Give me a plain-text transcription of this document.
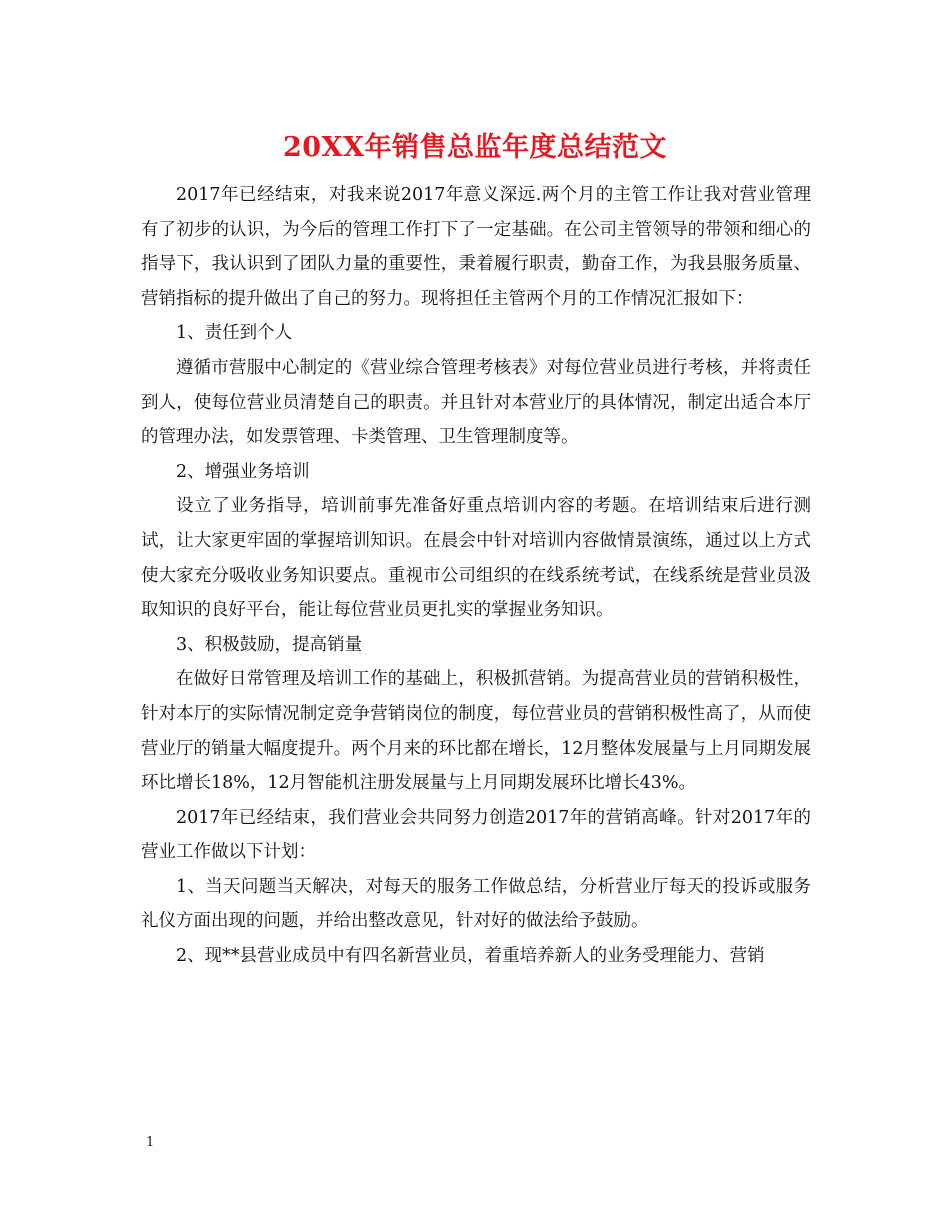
20XX年销售总监年度总结范文

2017年已经结束，对我来说2017年意义深远.两个月的主管工作让我对营业管理有了初步的认识，为今后的管理工作打下了一定基础。在公司主管领导的带领和细心的指导下，我认识到了团队力量的重要性，秉着履行职责，勤奋工作，为我县服务质量、营销指标的提升做出了自己的努力。现将担任主管两个月的工作情况汇报如下：

1、责任到个人

遵循市营服中心制定的《营业综合管理考核表》对每位营业员进行考核，并将责任到人，使每位营业员清楚自己的职责。并且针对本营业厅的具体情况，制定出适合本厅的管理办法，如发票管理、卡类管理、卫生管理制度等。

2、增强业务培训

设立了业务指导，培训前事先准备好重点培训内容的考题。在培训结束后进行测试，让大家更牢固的掌握培训知识。在晨会中针对培训内容做情景演练，通过以上方式使大家充分吸收业务知识要点。重视市公司组织的在线系统考试，在线系统是营业员汲取知识的良好平台，能让每位营业员更扎实的掌握业务知识。

3、积极鼓励，提高销量

在做好日常管理及培训工作的基础上，积极抓营销。为提高营业员的营销积极性，针对本厅的实际情况制定竞争营销岗位的制度，每位营业员的营销积极性高了，从而使营业厅的销量大幅度提升。两个月来的环比都在增长，12月整体发展量与上月同期发展环比增长18%，12月智能机注册发展量与上月同期发展环比增长43%。

2017年已经结束，我们营业会共同努力创造2017年的营销高峰。针对2017年的营业工作做以下计划：

1、当天问题当天解决，对每天的服务工作做总结，分析营业厅每天的投诉或服务礼仪方面出现的问题，并给出整改意见，针对好的做法给予鼓励。

2、现**县营业成员中有四名新营业员，着重培养新人的业务受理能力、营销

1
